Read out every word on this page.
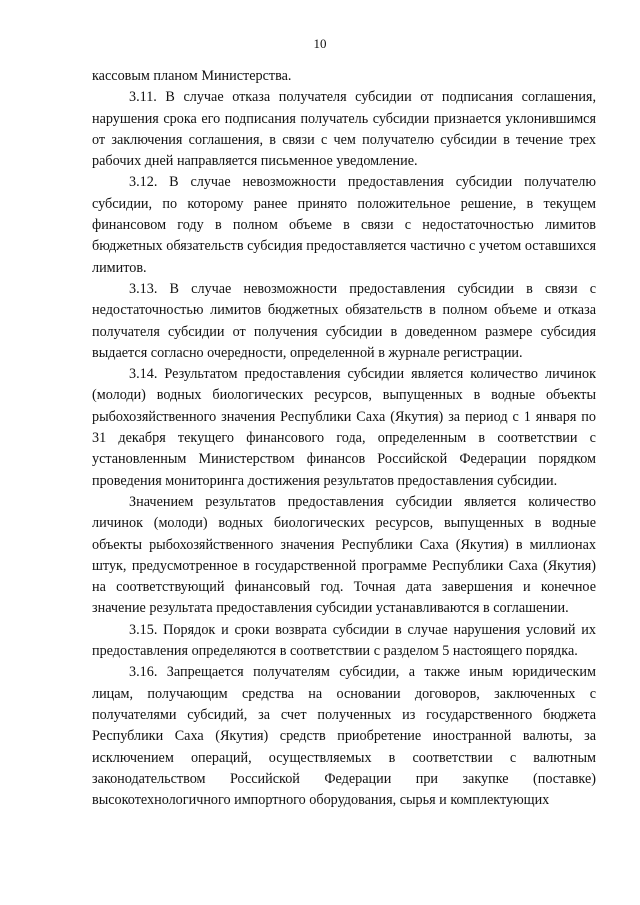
10

кассовым планом Министерства.

3.11. В случае отказа получателя субсидии от подписания соглашения, нарушения срока его подписания получатель субсидии признается уклонившимся от заключения соглашения, в связи с чем получателю субсидии в течение трех рабочих дней направляется письменное уведомление.

3.12. В случае невозможности предоставления субсидии получателю субсидии, по которому ранее принято положительное решение, в текущем финансовом году в полном объеме в связи с недостаточностью лимитов бюджетных обязательств субсидия предоставляется частично с учетом оставшихся лимитов.

3.13. В случае невозможности предоставления субсидии в связи с недостаточностью лимитов бюджетных обязательств в полном объеме и отказа получателя субсидии от получения субсидии в доведенном размере субсидия выдается согласно очередности, определенной в журнале регистрации.

3.14. Результатом предоставления субсидии является количество личинок (молоди) водных биологических ресурсов, выпущенных в водные объекты рыбохозяйственного значения Республики Саха (Якутия) за период с 1 января по 31 декабря текущего финансового года, определенным в соответствии с установленным Министерством финансов Российской Федерации порядком проведения мониторинга достижения результатов предоставления субсидии.

Значением результатов предоставления субсидии является количество личинок (молоди) водных биологических ресурсов, выпущенных в водные объекты рыбохозяйственного значения Республики Саха (Якутия) в миллионах штук, предусмотренное в государственной программе Республики Саха (Якутия) на соответствующий финансовый год. Точная дата завершения и конечное значение результата предоставления субсидии устанавливаются в соглашении.

3.15. Порядок и сроки возврата субсидии в случае нарушения условий их предоставления определяются в соответствии с разделом 5 настоящего порядка.

3.16. Запрещается получателям субсидии, а также иным юридическим лицам, получающим средства на основании договоров, заключенных с получателями субсидий, за счет полученных из государственного бюджета Республики Саха (Якутия) средств приобретение иностранной валюты, за исключением операций, осуществляемых в соответствии с валютным законодательством Российской Федерации при закупке (поставке) высокотехнологичного импортного оборудования, сырья и комплектующих
